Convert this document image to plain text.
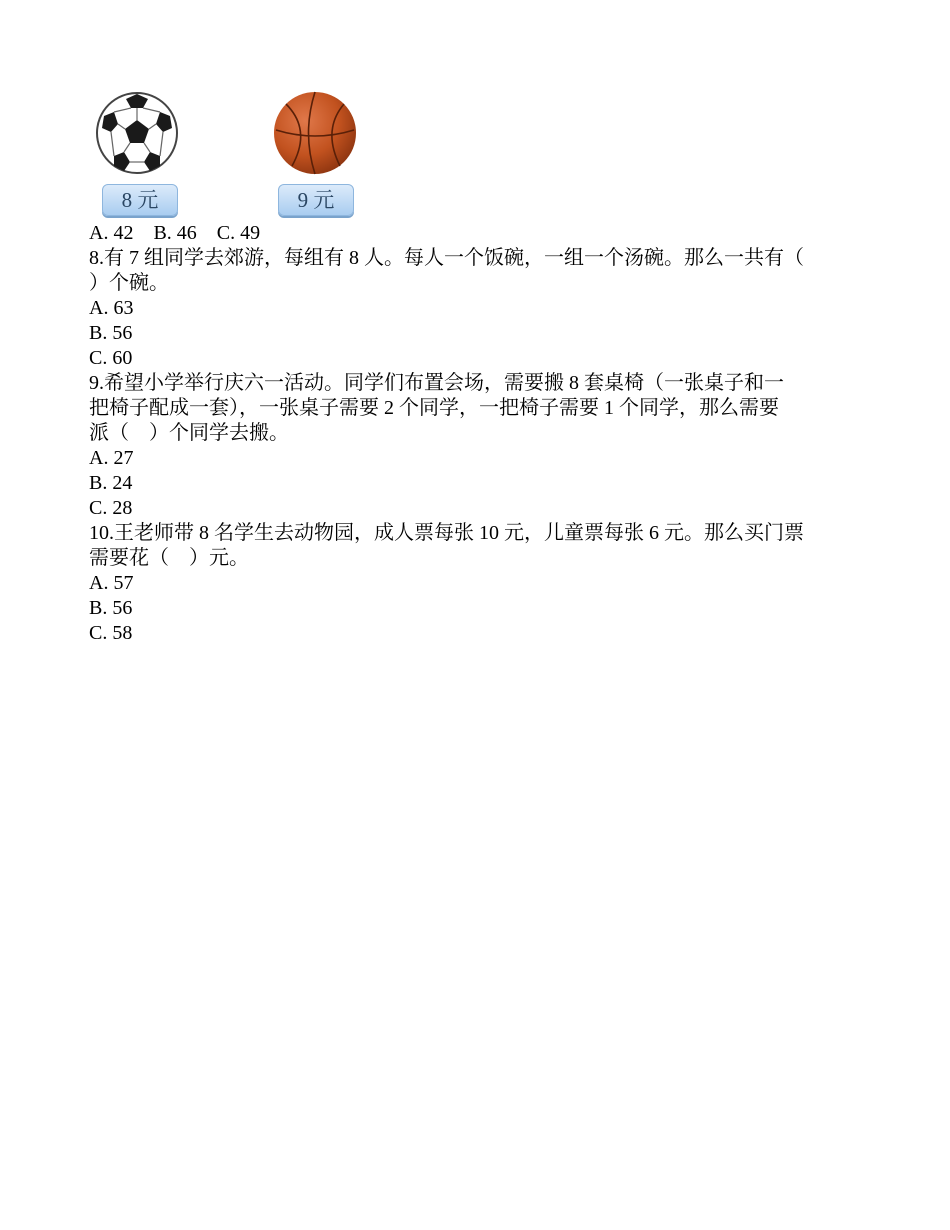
8 元	9 元
A. 42    B. 46    C. 49
8.有 7 组同学去郊游，每组有 8 人。每人一个饭碗，一组一个汤碗。那么一共有（
）个碗。
A. 63
B. 56
C. 60
9.希望小学举行庆六一活动。同学们布置会场，需要搬 8 套桌椅（一张桌子和一
把椅子配成一套），一张桌子需要 2 个同学，一把椅子需要 1 个同学，那么需要
派（    ）个同学去搬。
A. 27
B. 24
C. 28
10.王老师带 8 名学生去动物园，成人票每张 10 元，儿童票每张 6 元。那么买门票
需要花（    ）元。
A. 57
B. 56
C. 58
